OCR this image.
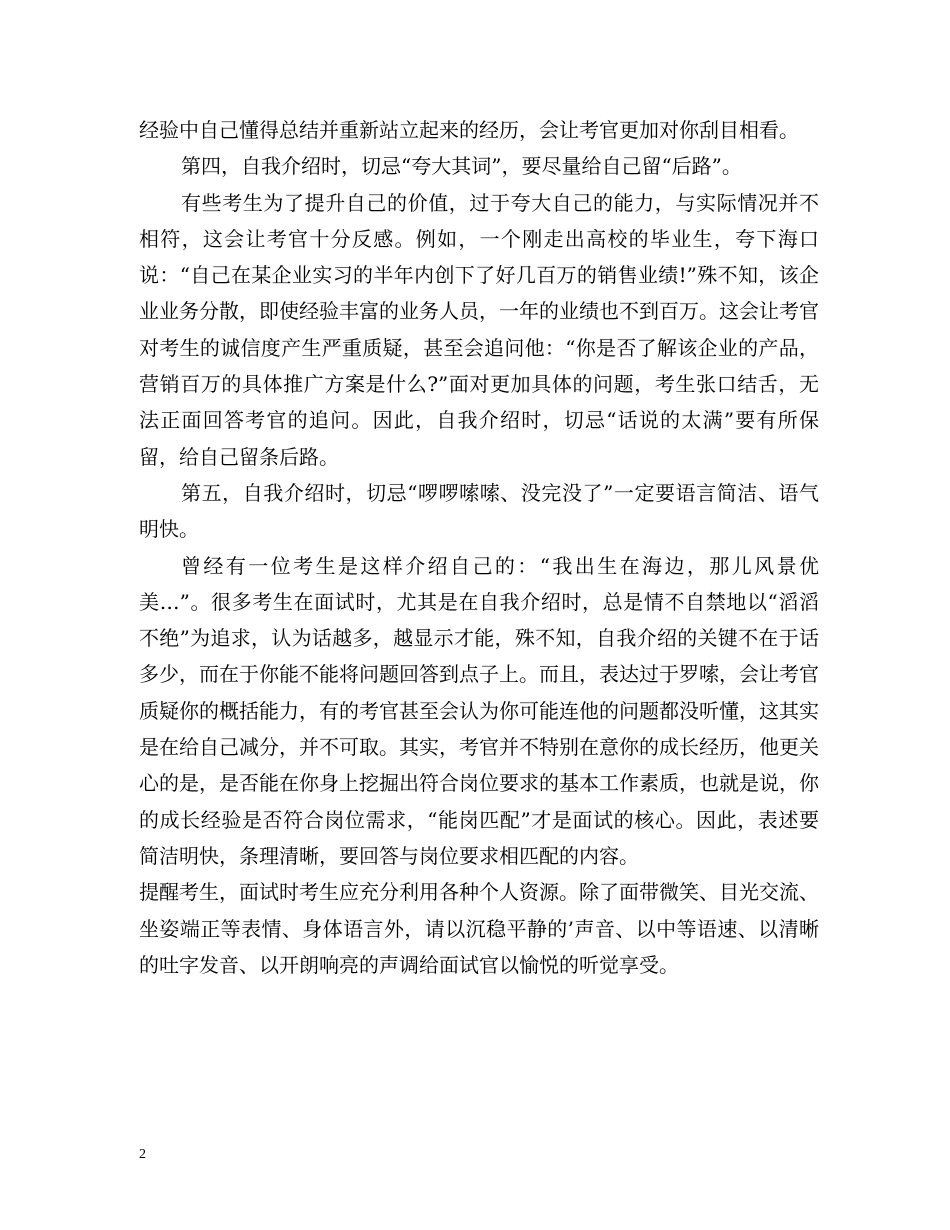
经验中自己懂得总结并重新站立起来的经历，会让考官更加对你刮目相看。

第四，自我介绍时，切忌“夸大其词”，要尽量给自己留“后路”。

有些考生为了提升自己的价值，过于夸大自己的能力，与实际情况并不相符，这会让考官十分反感。例如，一个刚走出高校的毕业生，夸下海口说：“自己在某企业实习的半年内创下了好几百万的销售业绩!”殊不知，该企业业务分散，即使经验丰富的业务人员，一年的业绩也不到百万。这会让考官对考生的诚信度产生严重质疑，甚至会追问他：“你是否了解该企业的产品，营销百万的具体推广方案是什么?”面对更加具体的问题，考生张口结舌，无法正面回答考官的追问。因此，自我介绍时，切忌“话说的太满”要有所保留，给自己留条后路。

第五，自我介绍时，切忌“啰啰嗦嗦、没完没了”一定要语言简洁、语气明快。

曾经有一位考生是这样介绍自己的：“我出生在海边，那儿风景优美…”。很多考生在面试时，尤其是在自我介绍时，总是情不自禁地以“滔滔不绝”为追求，认为话越多，越显示才能，殊不知，自我介绍的关键不在于话多少，而在于你能不能将问题回答到点子上。而且，表达过于罗嗦，会让考官质疑你的概括能力，有的考官甚至会认为你可能连他的问题都没听懂，这其实是在给自己减分，并不可取。其实，考官并不特别在意你的成长经历，他更关心的是，是否能在你身上挖掘出符合岗位要求的基本工作素质，也就是说，你的成长经验是否符合岗位需求，“能岗匹配”才是面试的核心。因此，表述要简洁明快，条理清晰，要回答与岗位要求相匹配的内容。

提醒考生，面试时考生应充分利用各种个人资源。除了面带微笑、目光交流、坐姿端正等表情、身体语言外，请以沉稳平静的’声音、以中等语速、以清晰的吐字发音、以开朗响亮的声调给面试官以愉悦的听觉享受。

2
